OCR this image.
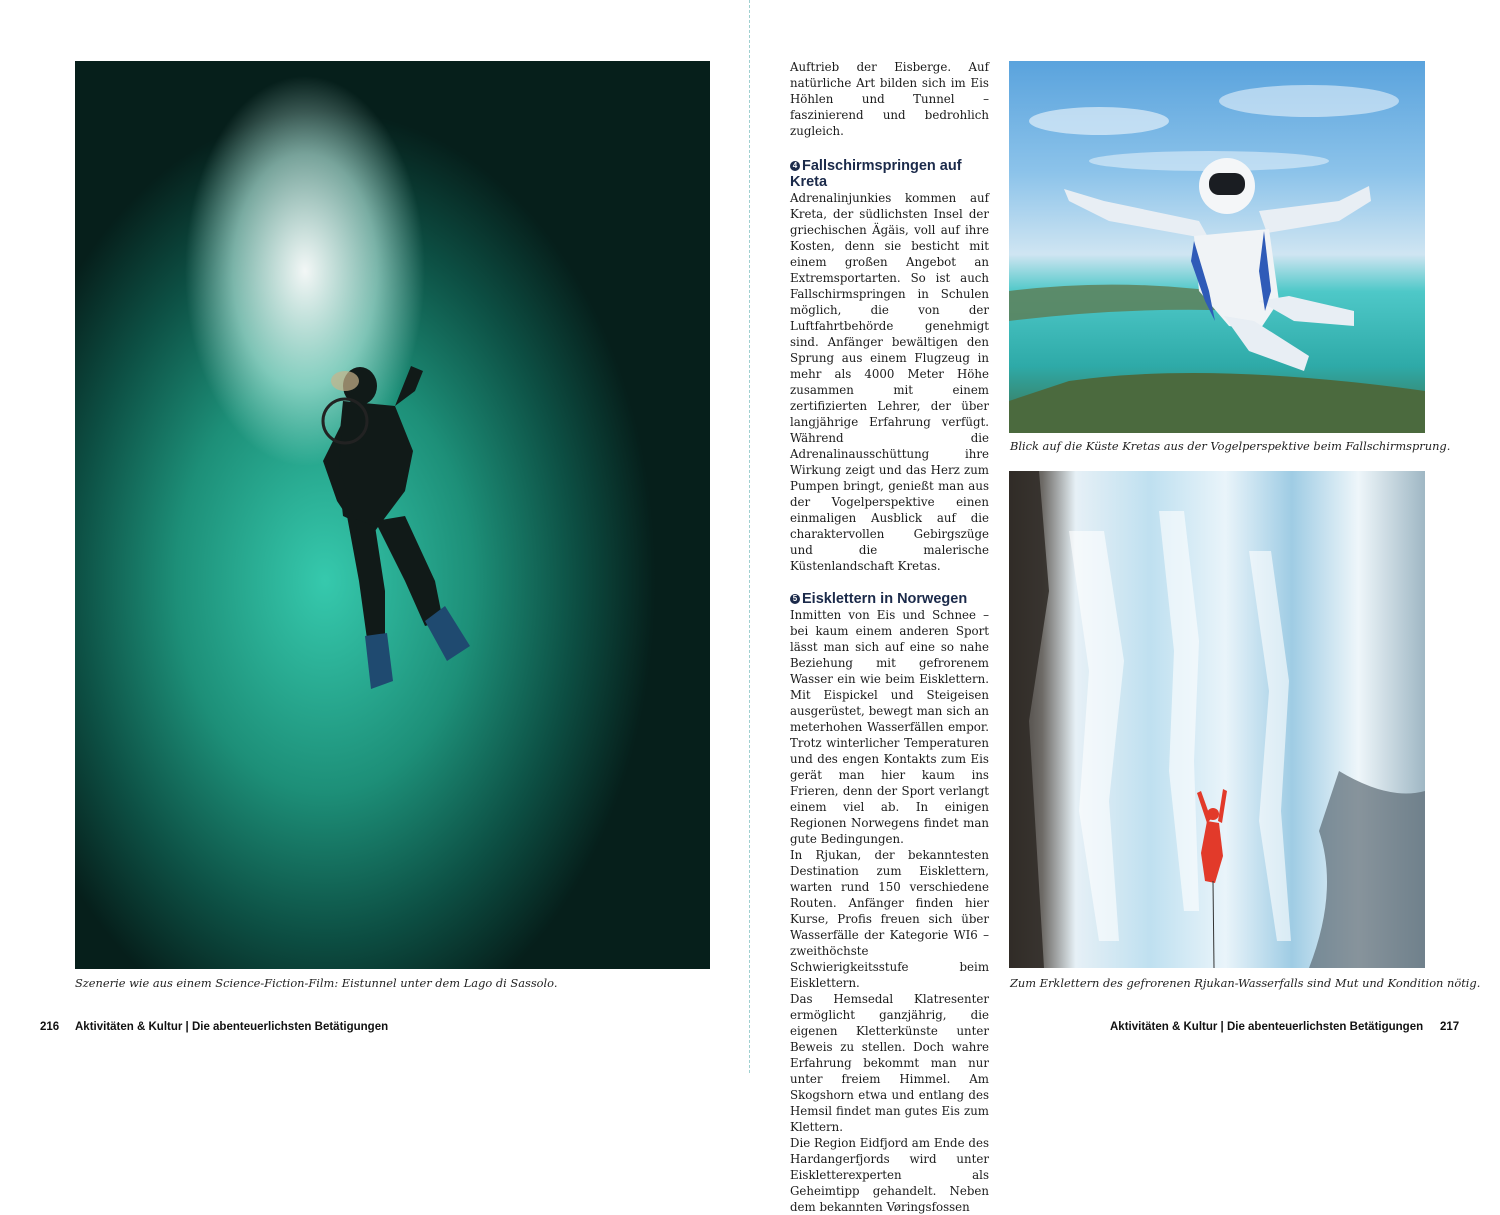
Szenerie wie aus einem Science-Fiction-Film: Eistunnel unter dem Lago di Sassolo.

216 Aktivitäten & Kultur | Die abenteuerlichsten Betätigungen

Auftrieb der Eisberge. Auf natürliche Art bilden sich im Eis Höhlen und Tunnel – faszinierend und bedrohlich zugleich.

4 Fallschirmspringen auf Kreta

Adrenalinjunkies kommen auf Kreta, der südlichsten Insel der griechischen Ägäis, voll auf ihre Kosten, denn sie besticht mit einem großen Angebot an Extremsportarten. So ist auch Fallschirmspringen in Schulen möglich, die von der Luftfahrtbehörde genehmigt sind. Anfänger bewältigen den Sprung aus einem Flugzeug in mehr als 4000 Meter Höhe zusammen mit einem zertifizierten Lehrer, der über langjährige Erfahrung verfügt. Während die Adrenalinausschüttung ihre Wirkung zeigt und das Herz zum Pumpen bringt, genießt man aus der Vogelperspektive einen einmaligen Ausblick auf die charaktervollen Gebirgszüge und die malerische Küstenlandschaft Kretas.

5 Eisklettern in Norwegen

Inmitten von Eis und Schnee – bei kaum einem anderen Sport lässt man sich auf eine so nahe Beziehung mit gefrorenem Wasser ein wie beim Eisklettern. Mit Eispickel und Steigeisen ausgerüstet, bewegt man sich an meterhohen Wasserfällen empor. Trotz winterlicher Temperaturen und des engen Kontakts zum Eis gerät man hier kaum ins Frieren, denn der Sport verlangt einem viel ab. In einigen Regionen Norwegens findet man gute Bedingungen.

In Rjukan, der bekanntesten Destination zum Eisklettern, warten rund 150 verschiedene Routen. Anfänger finden hier Kurse, Profis freuen sich über Wasserfälle der Kategorie WI6 – zweithöchste Schwierigkeitsstufe beim Eisklettern.

Das Hemsedal Klatresenter ermöglicht ganzjährig, die eigenen Kletterkünste unter Beweis zu stellen. Doch wahre Erfahrung bekommt man nur unter freiem Himmel. Am Skogshorn etwa und entlang des Hemsil findet man gutes Eis zum Klettern.

Die Region Eidfjord am Ende des Hardangerfjords wird unter Eiskletterexperten als Geheimtipp gehandelt. Neben dem bekannten Vøringsfossen

Blick auf die Küste Kretas aus der Vogelperspektive beim Fallschirmsprung.

Zum Erklettern des gefrorenen Rjukan-Wasserfalls sind Mut und Kondition nötig.

Aktivitäten & Kultur | Die abenteuerlichsten Betätigungen 217
